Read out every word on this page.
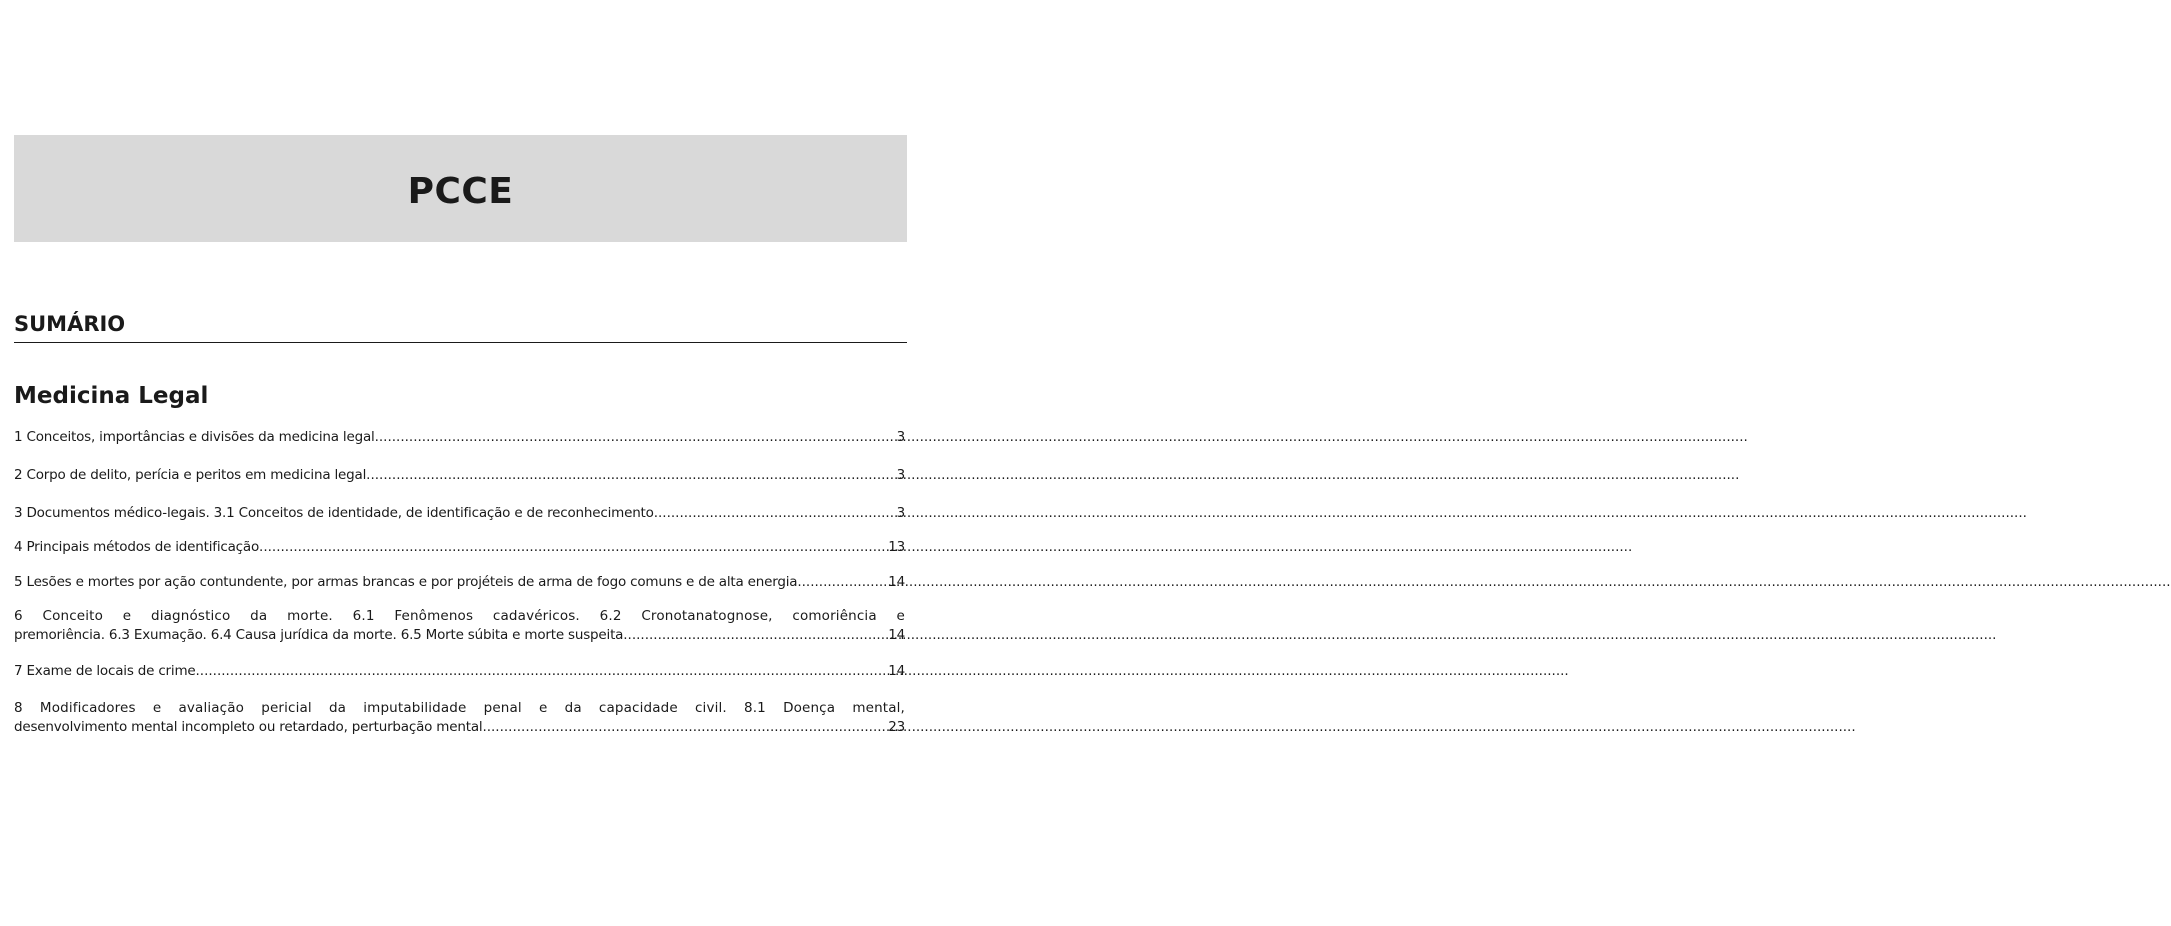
PCCE
SUMÁRIO
Medicina Legal
1 Conceitos, importâncias e divisões da medicina legal .....	3
2 Corpo de delito, perícia e peritos em medicina legal .....	3
3 Documentos médico-legais. 3.1 Conceitos de identidade, de identificação e de reconhecimento .....	3
4 Principais métodos de identificação .....	13
5 Lesões e mortes por ação contundente, por armas brancas e por projéteis de arma de fogo comuns e de alta energia .....	14
6 Conceito e diagnóstico da morte. 6.1 Fenômenos cadavéricos. 6.2 Cronotanatognose, comoriência e
premoriência. 6.3 Exumação. 6.4 Causa jurídica da morte. 6.5 Morte súbita e morte suspeita .....	14
7 Exame de locais de crime .....	14
8 Modificadores e avaliação pericial da imputabilidade penal e da capacidade civil. 8.1 Doença mental,
desenvolvimento mental incompleto ou retardado, perturbação mental .....	23
